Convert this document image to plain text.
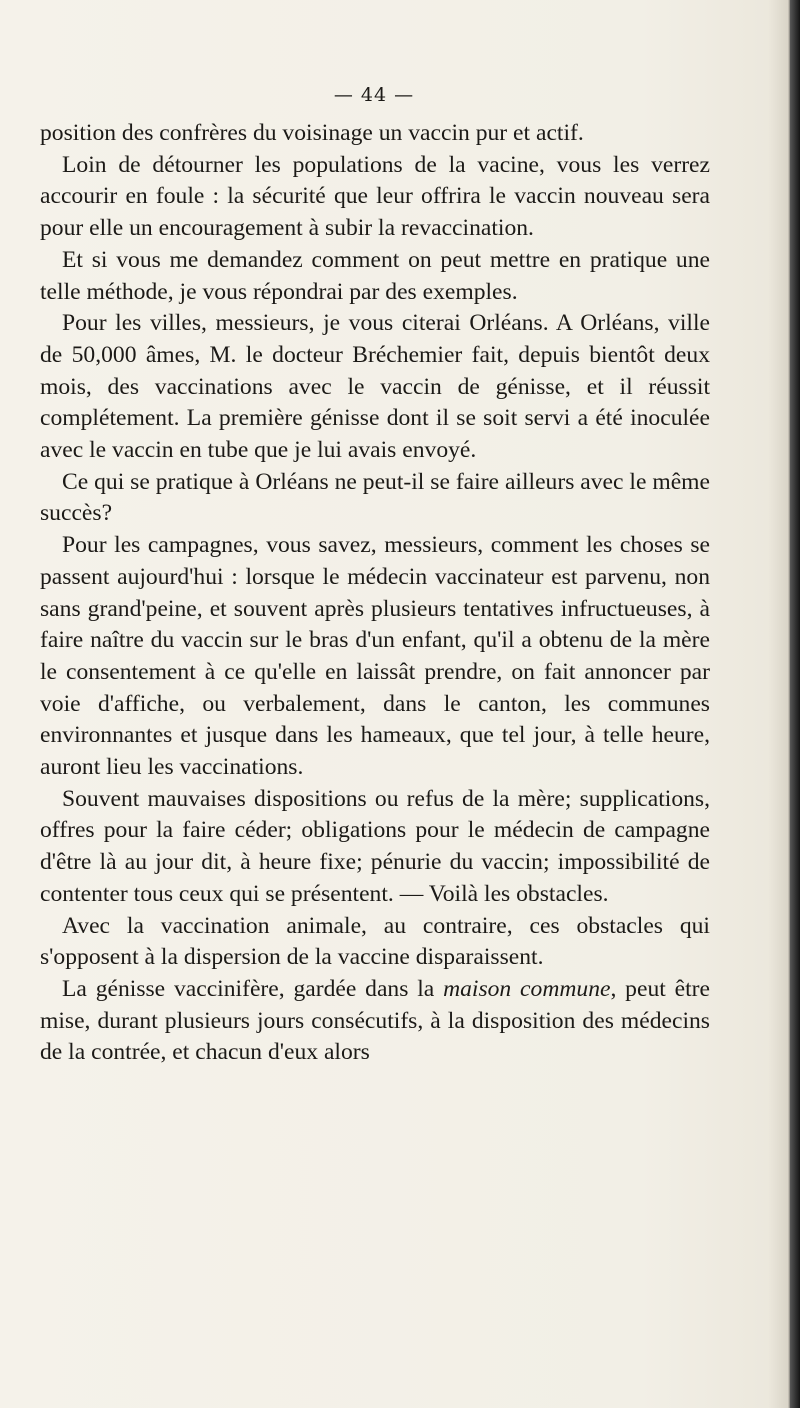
— 44 —

position des confrères du voisinage un vaccin pur et actif.

Loin de détourner les populations de la vacine, vous les verrez accourir en foule : la sécurité que leur offrira le vaccin nouveau sera pour elle un encouragement à subir la revaccination.

Et si vous me demandez comment on peut mettre en pratique une telle méthode, je vous répondrai par des exemples.

Pour les villes, messieurs, je vous citerai Orléans. A Orléans, ville de 50,000 âmes, M. le docteur Bréchemier fait, depuis bientôt deux mois, des vaccinations avec le vaccin de génisse, et il réussit complétement. La première génisse dont il se soit servi a été inoculée avec le vaccin en tube que je lui avais envoyé.

Ce qui se pratique à Orléans ne peut-il se faire ailleurs avec le même succès?

Pour les campagnes, vous savez, messieurs, comment les choses se passent aujourd'hui : lorsque le médecin vaccinateur est parvenu, non sans grand'peine, et souvent après plusieurs tentatives infructueuses, à faire naître du vaccin sur le bras d'un enfant, qu'il a obtenu de la mère le consentement à ce qu'elle en laissât prendre, on fait annoncer par voie d'affiche, ou verbalement, dans le canton, les communes environnantes et jusque dans les hameaux, que tel jour, à telle heure, auront lieu les vaccinations.

Souvent mauvaises dispositions ou refus de la mère; supplications, offres pour la faire céder; obligations pour le médecin de campagne d'être là au jour dit, à heure fixe; pénurie du vaccin; impossibilité de contenter tous ceux qui se présentent. — Voilà les obstacles.

Avec la vaccination animale, au contraire, ces obstacles qui s'opposent à la dispersion de la vaccine disparaissent.

La génisse vaccinifère, gardée dans la maison commune, peut être mise, durant plusieurs jours consécutifs, à la disposition des médecins de la contrée, et chacun d'eux alors
